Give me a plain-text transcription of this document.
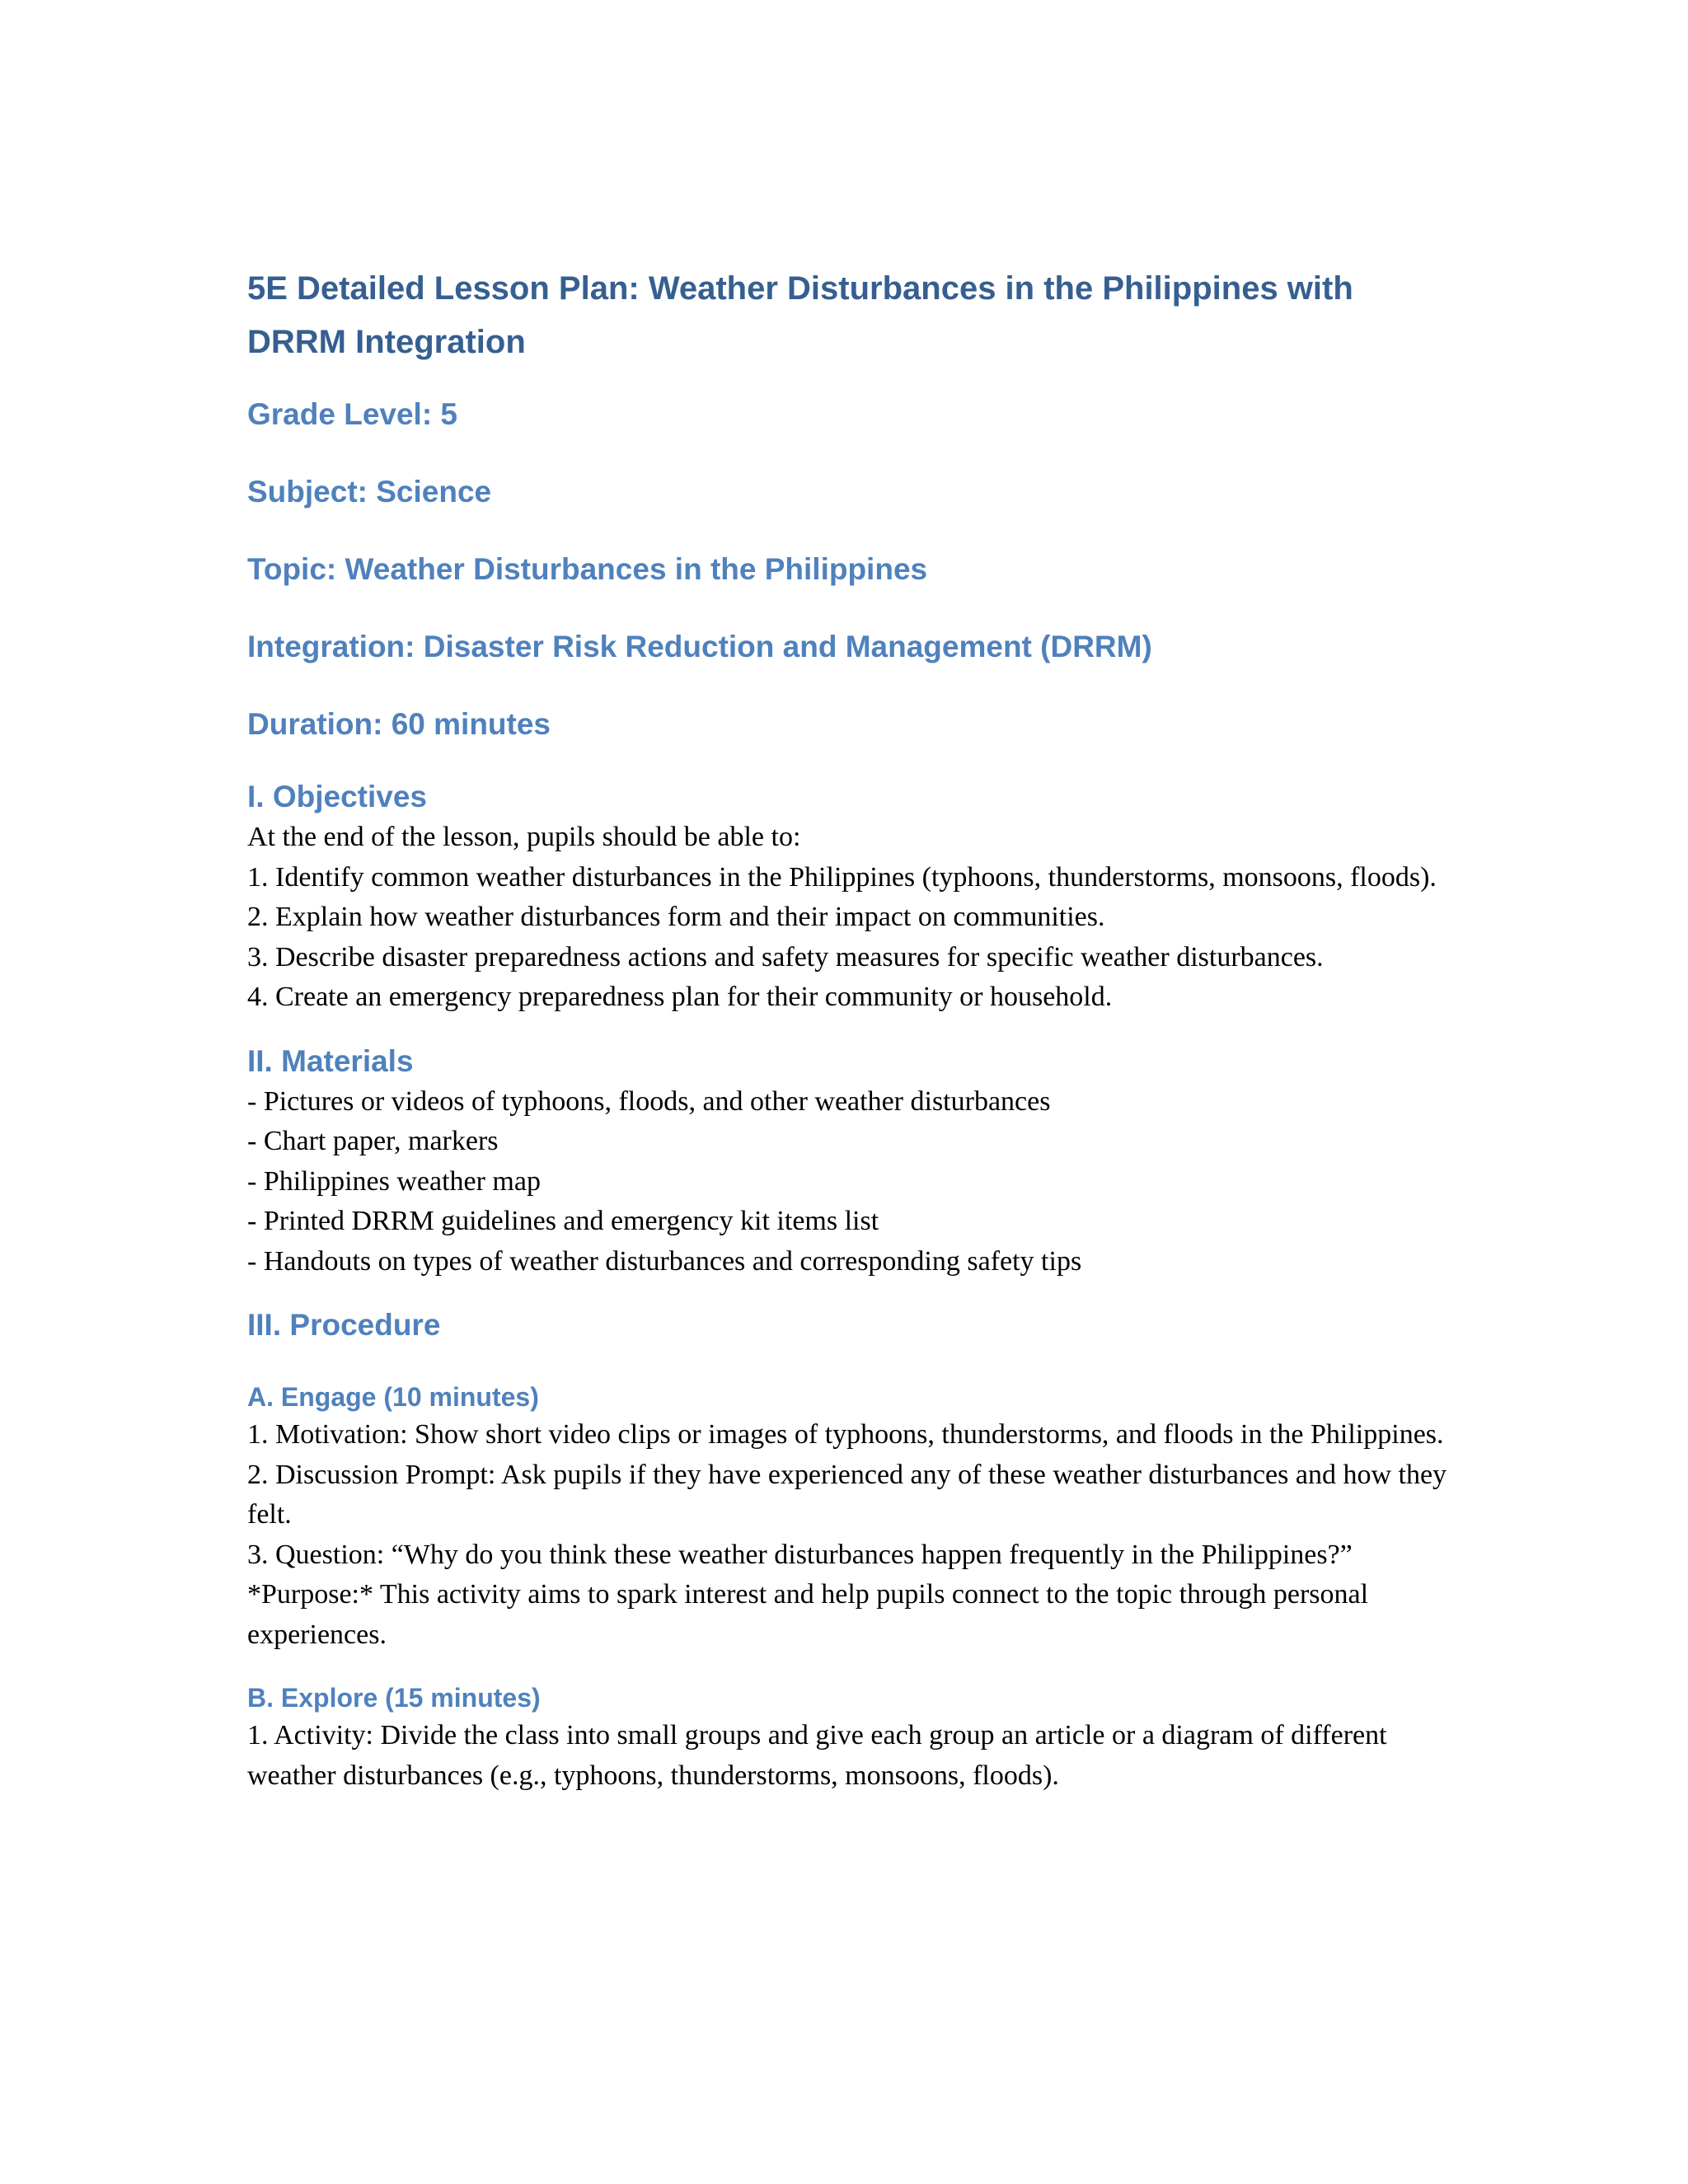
5E Detailed Lesson Plan: Weather Disturbances in the Philippines with DRRM Integration

Grade Level: 5

Subject: Science

Topic: Weather Disturbances in the Philippines

Integration: Disaster Risk Reduction and Management (DRRM)

Duration: 60 minutes

I. Objectives

At the end of the lesson, pupils should be able to:

1. Identify common weather disturbances in the Philippines (typhoons, thunderstorms, monsoons, floods).

2. Explain how weather disturbances form and their impact on communities.

3. Describe disaster preparedness actions and safety measures for specific weather disturbances.

4. Create an emergency preparedness plan for their community or household.

II. Materials

- Pictures or videos of typhoons, floods, and other weather disturbances

- Chart paper, markers

- Philippines weather map

- Printed DRRM guidelines and emergency kit items list

- Handouts on types of weather disturbances and corresponding safety tips

III. Procedure
A. Engage (10 minutes)

1. Motivation: Show short video clips or images of typhoons, thunderstorms, and floods in the Philippines.

2. Discussion Prompt: Ask pupils if they have experienced any of these weather disturbances and how they felt.

3. Question: “Why do you think these weather disturbances happen frequently in the Philippines?”

*Purpose:* This activity aims to spark interest and help pupils connect to the topic through personal experiences.

B. Explore (15 minutes)

1. Activity: Divide the class into small groups and give each group an article or a diagram of different weather disturbances (e.g., typhoons, thunderstorms, monsoons, floods).
